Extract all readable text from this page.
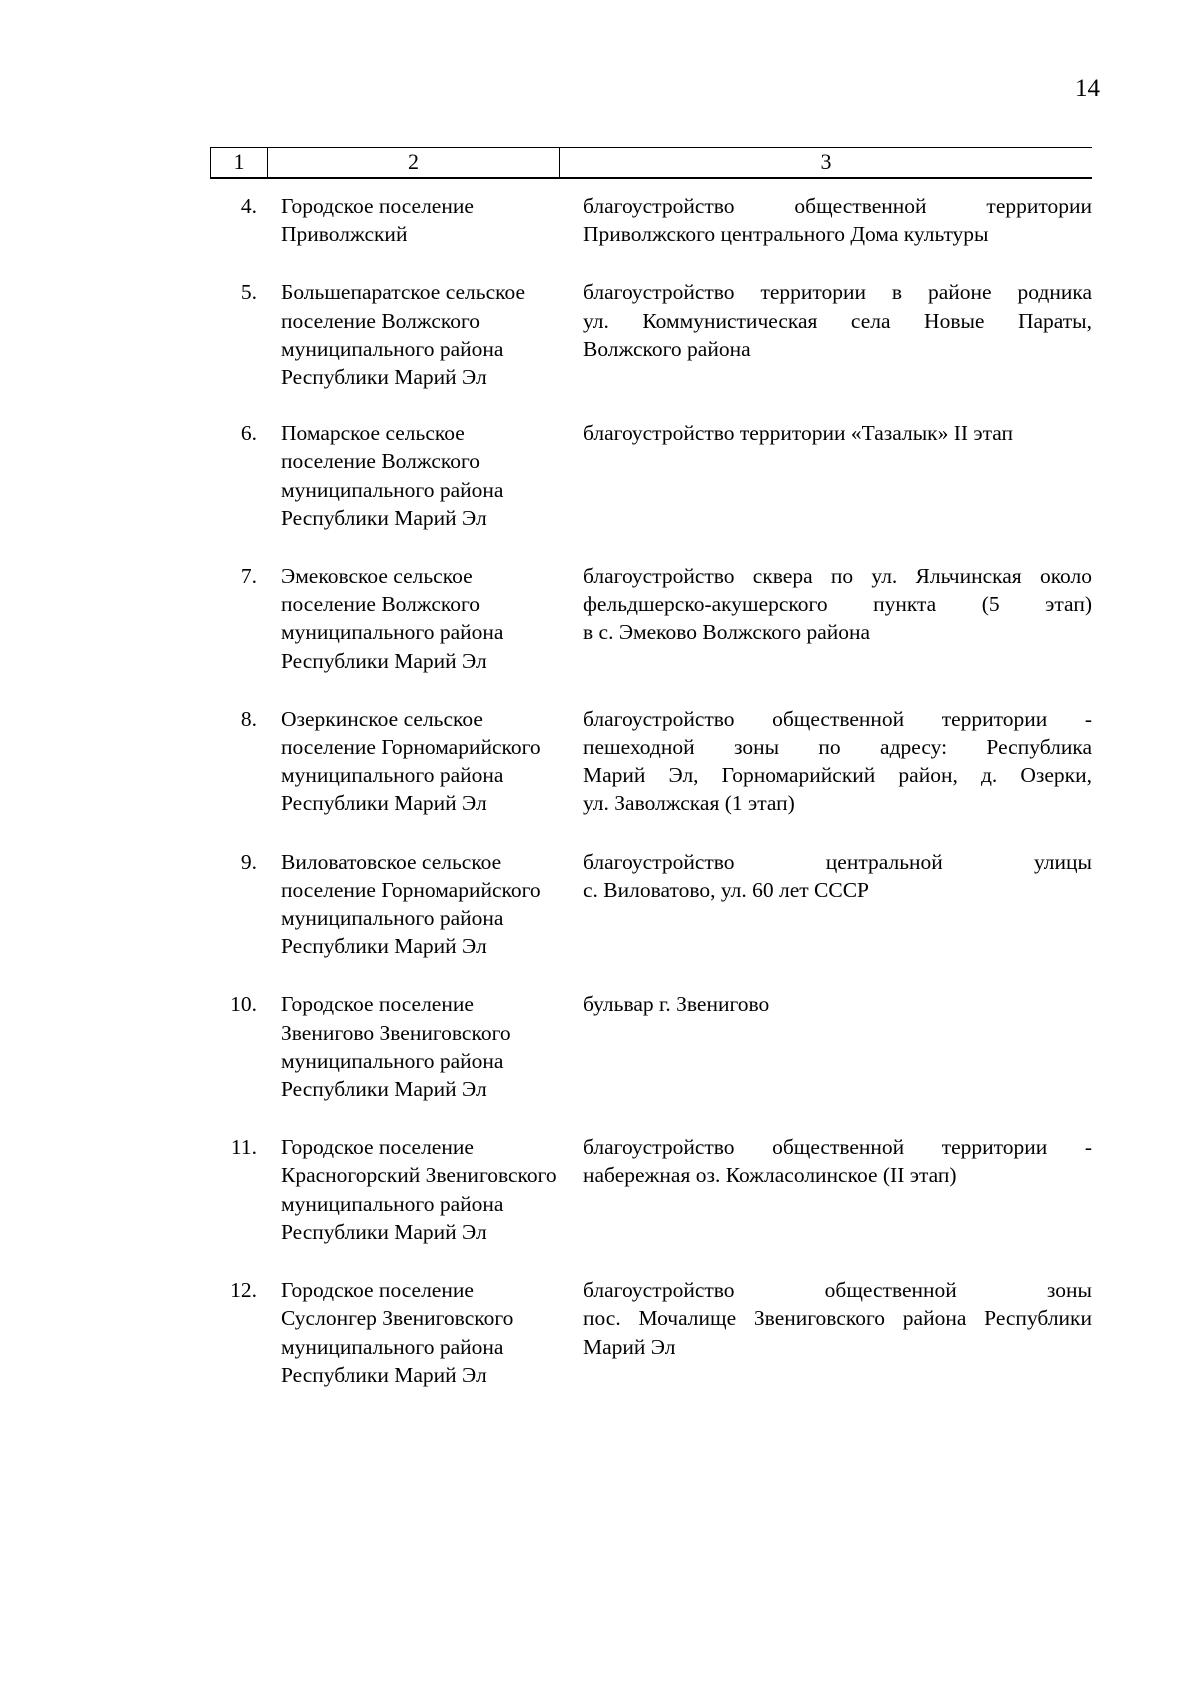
14
1	2	3
4. Городское поселение Приволжский
благоустройство общественной территории
Приволжского центрального Дома культуры
5. Большепаратское сельское поселение Волжского муниципального района Республики Марий Эл
благоустройство территории в районе родника
ул. Коммунистическая села Новые Параты,
Волжского района
6. Помарское сельское поселение Волжского муниципального района Республики Марий Эл
благоустройство территории «Тазалык» II этап
7. Эмековское сельское поселение Волжского муниципального района Республики Марий Эл
благоустройство сквера по ул. Яльчинская около
фельдшерско-акушерского пункта (5 этап)
в с. Эмеково Волжского района
8. Озеркинское сельское поселение Горномарийского муниципального района Республики Марий Эл
благоустройство общественной территории -
пешеходной зоны по адресу: Республика
Марий Эл, Горномарийский район, д. Озерки,
ул. Заволжская (1 этап)
9. Виловатовское сельское поселение Горномарийского муниципального района Республики Марий Эл
благоустройство центральной улицы
с. Виловатово, ул. 60 лет СССР
10. Городское поселение Звенигово Звениговского муниципального района Республики Марий Эл
бульвар г. Звенигово
11. Городское поселение Красногорский Звениговского муниципального района Республики Марий Эл
благоустройство общественной территории -
набережная оз. Кожласолинское (II этап)
12. Городское поселение Суслонгер Звениговского муниципального района Республики Марий Эл
благоустройство общественной зоны
пос. Мочалище Звениговского района Республики
Марий Эл
